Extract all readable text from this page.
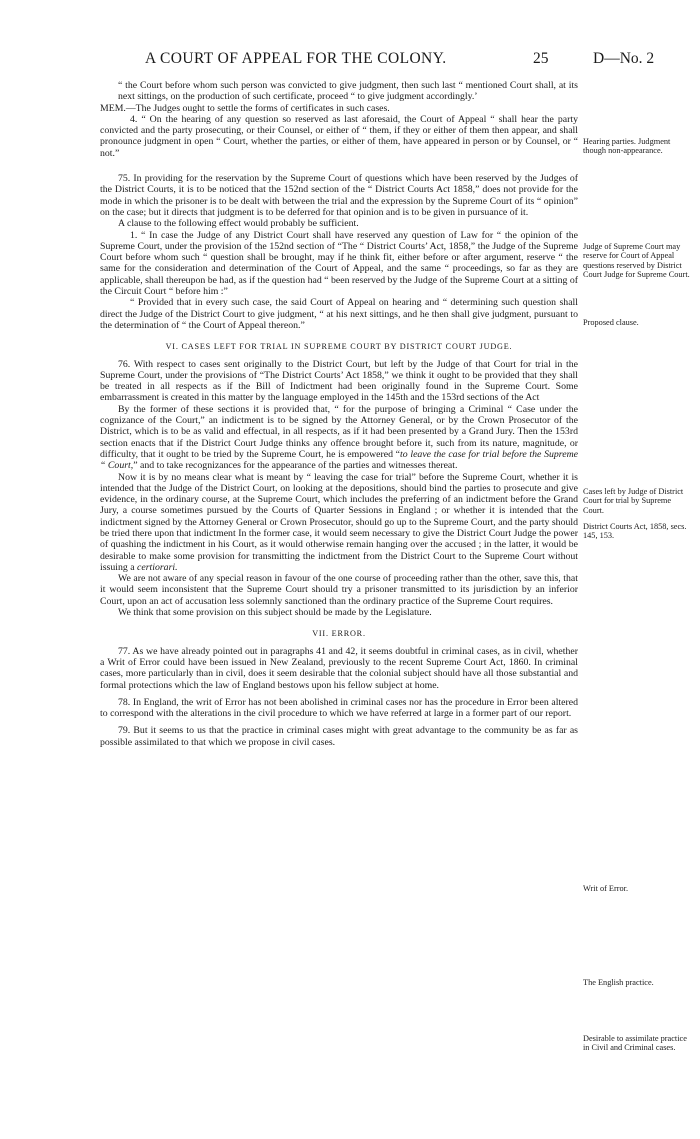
A COURT OF APPEAL FOR THE COLONY.	25	D—No. 2

“ the Court before whom such person was convicted to give judgment, then such last “ mentioned Court shall, at its next sittings, on the production of such certificate, proceed “ to give judgment accordingly.’

MEM.—The Judges ought to settle the forms of certificates in such cases.

4. “ On the hearing of any question so reserved as last aforesaid, the Court of Appeal “ shall hear the party convicted and the party prosecuting, or their Counsel, or either of “ them, if they or either of them then appear, and shall pronounce judgment in open “ Court, whether the parties, or either of them, have appeared in person or by Counsel, or “ not.”

75. In providing for the reservation by the Supreme Court of questions which have been reserved by the Judges of the District Courts, it is to be noticed that the 152nd section of the “ District Courts Act 1858,” does not provide for the mode in which the prisoner is to be dealt with between the trial and the expression by the Supreme Court of its “ opinion” on the case; but it directs that judgment is to be deferred for that opinion and is to be given in pursuance of it.

A clause to the following effect would probably be sufficient.

1. “ In case the Judge of any District Court shall have reserved any question of Law for “ the opinion of the Supreme Court, under the provision of the 152nd section of “The “ District Courts’ Act, 1858,” the Judge of the Supreme Court before whom such “ question shall be brought, may if he think fit, either before or after argument, reserve “ the same for the consideration and determination of the Court of Appeal, and the same “ proceedings, so far as they are applicable, shall thereupon be had, as if the question had “ been reserved by the Judge of the Supreme Court at a sitting of the Circuit Court “ before him :”

“ Provided that in every such case, the said Court of Appeal on hearing and “ determining such question shall direct the Judge of the District Court to give judgment, “ at his next sittings, and he then shall give judgment, pursuant to the determination of “ the Court of Appeal thereon.”

VI. CASES LEFT FOR TRIAL IN SUPREME COURT BY DISTRICT COURT JUDGE.

76. With respect to cases sent originally to the District Court, but left by the Judge of that Court for trial in the Supreme Court, under the provisions of “The District Courts’ Act 1858,” we think it ought to be provided that they shall be treated in all respects as if the Bill of Indictment had been originally found in the Supreme Court. Some embarrassment is created in this matter by the language employed in the 145th and the 153rd sections of the Act

By the former of these sections it is provided that, “ for the purpose of bringing a Criminal “ Case under the cognizance of the Court,” an indictment is to be signed by the Attorney General, or by the Crown Prosecutor of the District, which is to be as valid and effectual, in all respects, as if it had been presented by a Grand Jury. Then the 153rd section enacts that if the District Court Judge thinks any offence brought before it, such from its nature, magnitude, or difficulty, that it ought to be tried by the Supreme Court, he is empowered “to leave the case for trial before the Supreme “ Court,” and to take recognizances for the appearance of the parties and witnesses thereat.

Now it is by no means clear what is meant by “ leaving the case for trial” before the Supreme Court, whether it is intended that the Judge of the District Court, on looking at the depositions, should bind the parties to prosecute and give evidence, in the ordinary course, at the Supreme Court, which includes the preferring of an indictment before the Grand Jury, a course sometimes pursued by the Courts of Quarter Sessions in England ; or whether it is intended that the indictment signed by the Attorney General or Crown Prosecutor, should go up to the Supreme Court, and the party should be tried there upon that indictment In the former case, it would seem necessary to give the District Court Judge the power of quashing the indictment in his Court, as it would otherwise remain hanging over the accused ; in the latter, it would be desirable to make some provision for transmitting the indictment from the District Court to the Supreme Court without issuing a certiorari.

We are not aware of any special reason in favour of the one course of proceeding rather than the other, save this, that it would seem inconsistent that the Supreme Court should try a prisoner transmitted to its jurisdiction by an inferior Court, upon an act of accusation less solemnly sanctioned than the ordinary practice of the Supreme Court requires.

We think that some provision on this subject should be made by the Legislature.

VII. ERROR.

77. As we have already pointed out in paragraphs 41 and 42, it seems doubtful in criminal cases, as in civil, whether a Writ of Error could have been issued in New Zealand, previously to the recent Supreme Court Act, 1860. In criminal cases, more particularly than in civil, does it seem desirable that the colonial subject should have all those substantial and formal protections which the law of England bestows upon his fellow subject at home.

78. In England, the writ of Error has not been abolished in criminal cases nor has the procedure in Error been altered to correspond with the alterations in the civil procedure to which we have referred at large in a former part of our report.

79. But it seems to us that the practice in criminal cases might with great advantage to the community be as far as possible assimilated to that which we propose in civil cases.

Hearing parties. Judgment though non-appearance.
Judge of Supreme Court may reserve for Court of Appeal questions reserved by District Court Judge for Supreme Court.
Proposed clause.
Cases left by Judge of District Court for trial by Supreme Court.
District Courts Act, 1858, secs. 145, 153.
Writ of Error.
The English practice.
Desirable to assimilate practice in Civil and Criminal cases.
